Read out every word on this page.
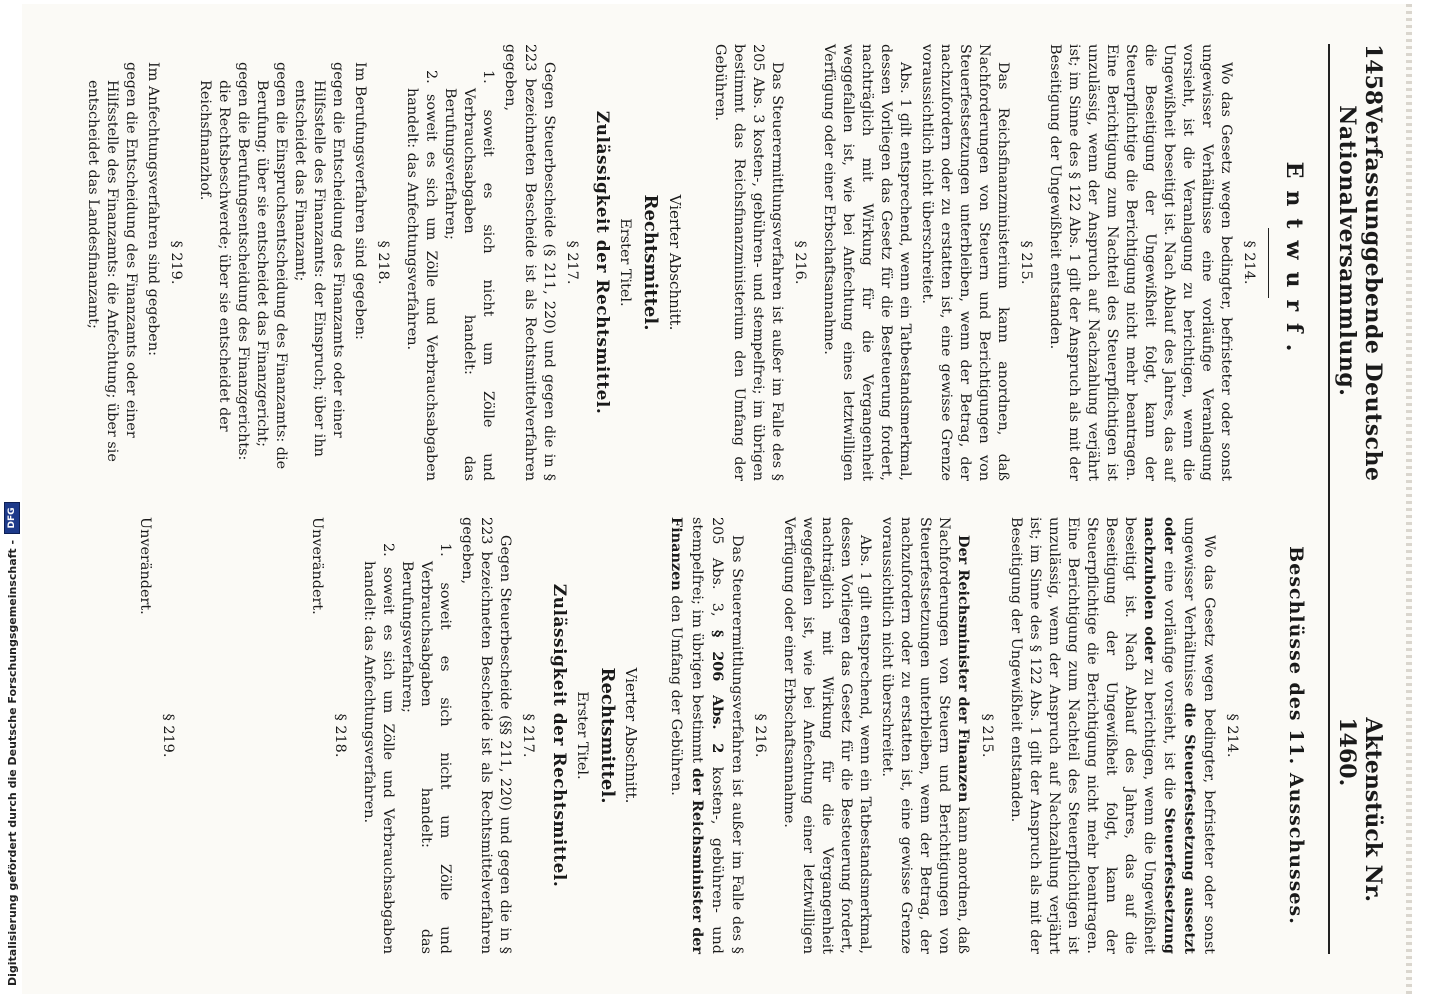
1458
Verfassunggebende Deutsche Nationalversammlung.
Aktenstück Nr. 1460.
Entwurf.
§ 214.

Wo das Gesetz wegen bedingter, befristeter oder sonst ungewisser Verhältnisse eine vorläufige Veranlagung vorsieht, ist die Veranlagung zu berichtigen, wenn die Ungewißheit beseitigt ist. Nach Ablauf des Jahres, das auf die Beseitigung der Ungewißheit folgt, kann der Steuerpflichtige die Berichtigung nicht mehr beantragen. Eine Berichtigung zum Nachteil des Steuerpflichtigen ist unzulässig, wenn der Anspruch auf Nachzahlung verjährt ist; im Sinne des § 122 Abs. 1 gilt der Anspruch als mit der Beseitigung der Ungewißheit entstanden.

§ 215.

Das Reichsfinanzministerium kann anordnen, daß Nachforderungen von Steuern und Berichtigungen von Steuerfestsetzungen unterbleiben, wenn der Betrag, der nachzufordern oder zu erstatten ist, eine gewisse Grenze voraussichtlich nicht überschreitet.

Abs. 1 gilt entsprechend, wenn ein Tatbestandsmerkmal, dessen Vorliegen das Gesetz für die Besteuerung fordert, nachträglich mit Wirkung für die Vergangenheit weggefallen ist, wie bei Anfechtung eines letztwilligen Verfügung oder einer Erbschaftsannahme.

§ 216.

Das Steuerermittlungsverfahren ist außer im Falle des § 205 Abs. 3 kosten-, gebühren- und stempelfrei; im übrigen bestimmt das Reichsfinanzministerium den Umfang der Gebühren.

Vierter Abschnitt.
Rechtsmittel.
Erster Titel.
Zulässigkeit der Rechtsmittel.
§ 217.

Gegen Steuerbescheide (§ 211, 220) und gegen die in § 223 bezeichneten Bescheide ist als Rechtsmittelverfahren gegeben,

1. soweit es sich nicht um Zölle und Verbrauchsabgaben handelt: das Berufungsverfahren;

2. soweit es sich um Zölle und Verbrauchsabgaben handelt: das Anfechtungsverfahren.

§ 218.

Im Berufungsverfahren sind gegeben:

gegen die Entscheidung des Finanzamts oder einer Hilfsstelle des Finanzamts: der Einspruch; über ihn entscheidet das Finanzamt;

gegen die Einspruchsentscheidung des Finanzamts: die Berufung; über sie entscheidet das Finanzgericht;

gegen die Berufungsentscheidung des Finanzgerichts: die Rechtsbeschwerde; über sie entscheidet der Reichsfinanzhof.

§ 219.

Im Anfechtungsverfahren sind gegeben:

gegen die Entscheidung des Finanzamts oder einer Hilfsstelle des Finanzamts: die Anfechtung; über sie entscheidet das Landesfinanzamt;

Beschlüsse des 11. Ausschusses.
§ 214.

Wo das Gesetz wegen bedingter, befristeter oder sonst ungewisser Verhältnisse die Steuerfestsetzung aussetzt oder eine vorläufige vorsieht, ist die Steuerfestsetzung nachzuholen oder zu berichtigen, wenn die Ungewißheit beseitigt ist. Nach Ablauf des Jahres, das auf die Beseitigung der Ungewißheit folgt, kann der Steuerpflichtige die Berichtigung nicht mehr beantragen. Eine Berichtigung zum Nachteil des Steuerpflichtigen ist unzulässig, wenn der Anspruch auf Nachzahlung verjährt ist; im Sinne des § 122 Abs. 1 gilt der Anspruch als mit der Beseitigung der Ungewißheit entstanden.

§ 215.

Der Reichsminister der Finanzen kann anordnen, daß Nachforderungen von Steuern und Berichtigungen von Steuerfestsetzungen unterbleiben, wenn der Betrag, der nachzufordern oder zu erstatten ist, eine gewisse Grenze voraussichtlich nicht überschreitet.

Abs. 1 gilt entsprechend, wenn ein Tatbestandsmerkmal, dessen Vorliegen das Gesetz für die Besteuerung fordert, nachträglich mit Wirkung für die Vergangenheit weggefallen ist, wie bei Anfechtung einer letztwilligen Verfügung oder einer Erbschaftsannahme.

§ 216.

Das Steuerermittlungsverfahren ist außer im Falle des § 205 Abs. 3, § 206 Abs. 2 kosten-, gebühren- und stempelfrei; im übrigen bestimmt der Reichsminister der Finanzen den Umfang der Gebühren.

Vierter Abschnitt.
Rechtsmittel.
Erster Titel.
Zulässigkeit der Rechtsmittel.
§ 217.

Gegen Steuerbescheide (§§ 211, 220) und gegen die in § 223 bezeichneten Bescheide ist als Rechtsmittelverfahren gegeben,

1. soweit es sich nicht um Zölle und Verbrauchsabgaben handelt: das Berufungsverfahren;

2. soweit es sich um Zölle und Verbrauchsabgaben handelt: das Anfechtungsverfahren.

§ 218.

Unverändert.

§ 219.

Unverändert.

Digitalisierung gefördert durch die Deutsche Forschungsgemeinschaft -
DFG
